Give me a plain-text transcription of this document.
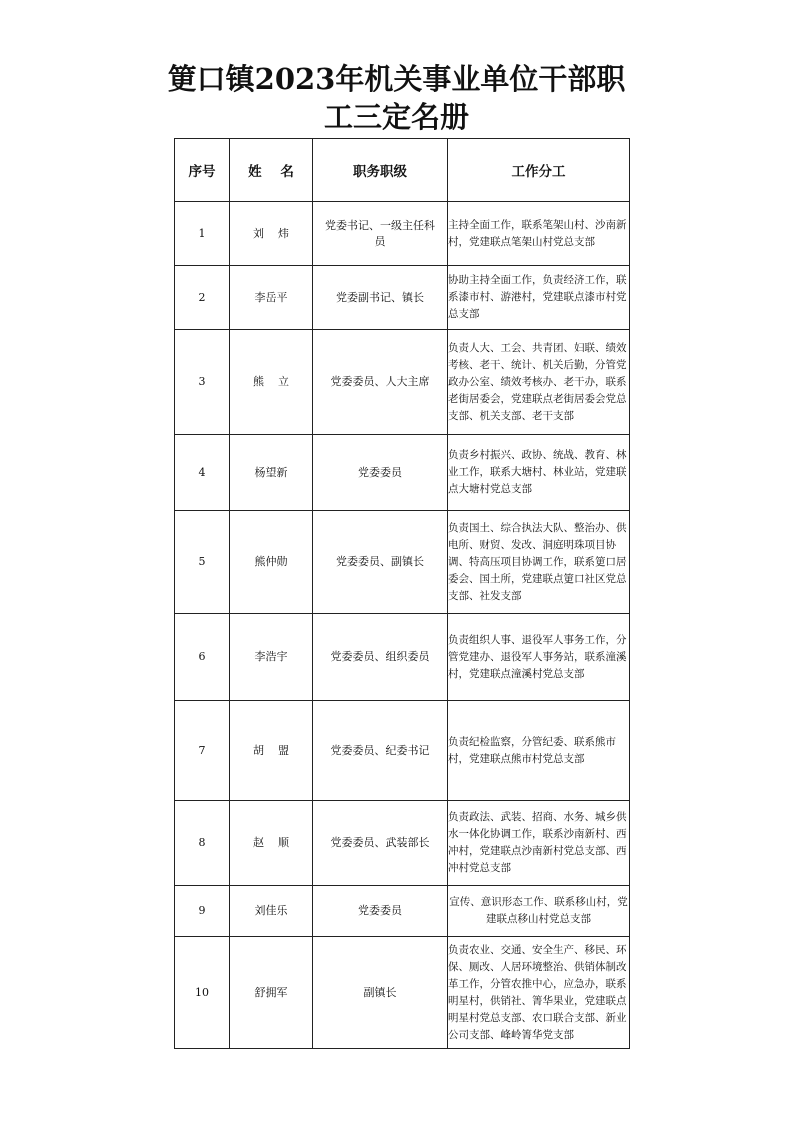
筻口镇2023年机关事业单位干部职
工三定名册
序号	姓    名	职务职级	工作分工
1	刘    炜	党委书记、一级主任科员	主持全面工作，联系笔架山村、沙南新村，党建联点笔架山村党总支部
2	李岳平	党委副书记、镇长	协助主持全面工作，负责经济工作，联系漆市村、游港村，党建联点漆市村党总支部
3	熊    立	党委委员、人大主席	负责人大、工会、共青团、妇联、绩效考核、老干、统计、机关后勤，分管党政办公室、绩效考核办、老干办，联系老街居委会，党建联点老街居委会党总支部、机关支部、老干支部
4	杨望新	党委委员	负责乡村振兴、政协、统战、教育、林业工作，联系大塘村、林业站，党建联点大塘村党总支部
5	熊仲勋	党委委员、副镇长	负责国土、综合执法大队、整治办、供电所、财贸、发改、洞庭明珠项目协调、特高压项目协调工作，联系筻口居委会、国土所，党建联点筻口社区党总支部、社发支部
6	李浩宇	党委委员、组织委员	负责组织人事、退役军人事务工作，分管党建办、退役军人事务站，联系潼溪村，党建联点潼溪村党总支部
7	胡    盟	党委委员、纪委书记	负责纪检监察，分管纪委、联系熊市村，党建联点熊市村党总支部
8	赵    顺	党委委员、武装部长	负责政法、武装、招商、水务、城乡供水一体化协调工作，联系沙南新村、西冲村，党建联点沙南新村党总支部、西冲村党总支部
9	刘佳乐	党委委员	宣传、意识形态工作、联系移山村，党建联点移山村党总支部
10	舒拥军	副镇长	负责农业、交通、安全生产、移民、环保、厕改、人居环境整治、供销体制改革工作，分管农推中心，应急办，联系明星村，供销社、箐华果业，党建联点明星村党总支部、农口联合支部、新业公司支部、峰岭箐华党支部
